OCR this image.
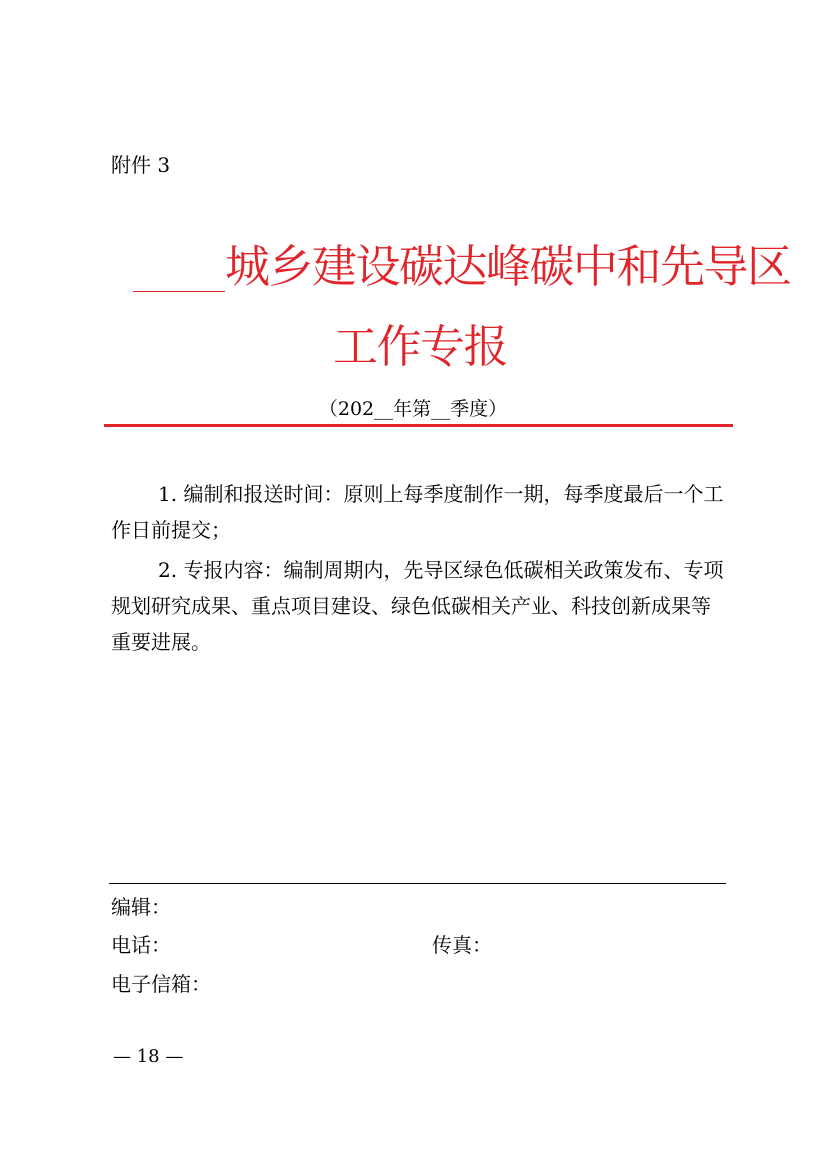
附件 3
城乡建设碳达峰碳中和先导区
工作专报
（202__年第__季度）
1. 编制和报送时间：原则上每季度制作一期，每季度最后一个工作日前提交；
2. 专报内容：编制周期内，先导区绿色低碳相关政策发布、专项规划研究成果、重点项目建设、绿色低碳相关产业、科技创新成果等重要进展。
编辑：
电话：	传真：
电子信箱：
— 18 —
